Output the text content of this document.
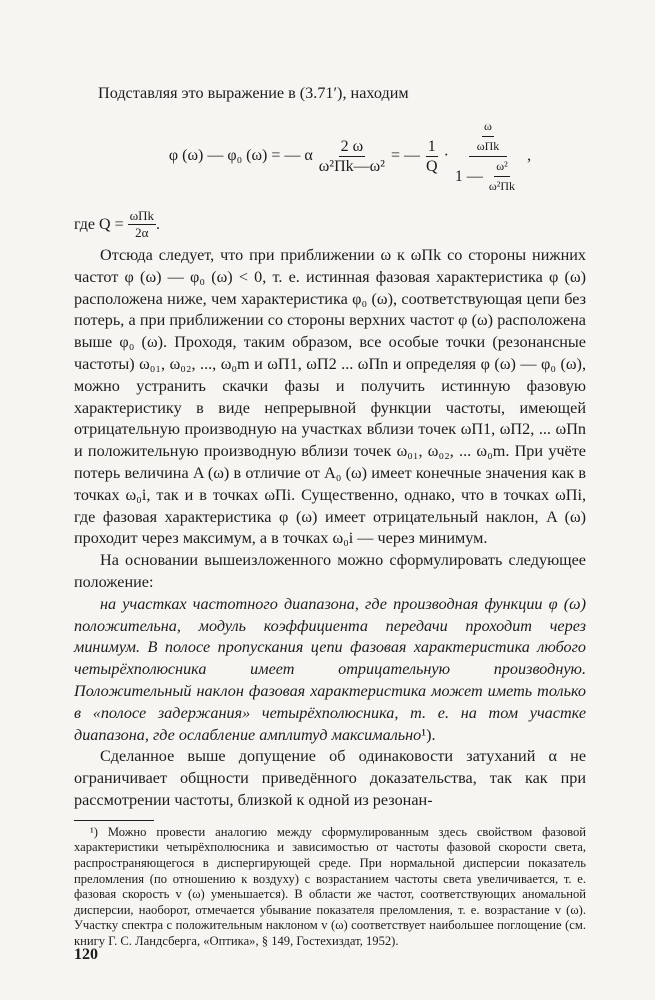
Подставляя это выражение в (3.71′), находим

φ (ω) — φ₀ (ω) = — α $\frac{2 \omega}{\text{ω²Пk—ω²}}$ = — $\frac{1}{Q} \cdot \frac{\frac{\omega}{\text{ωПk}}}{1 — \frac{\text{ω²}}{\text{ω²Пk}}}$ ,
где $Q = \frac{\text{ωПk}}{2\alpha}$ .

Отсюда следует, что при приближении ω к ωПk со стороны нижних частот φ (ω) — φ₀ (ω) < 0, т. е. истинная фазовая характеристика φ (ω) расположена ниже, чем характеристика φ₀ (ω), соответствующая цепи без потерь, а при приближении со стороны верхних частот φ (ω) расположена выше φ₀ (ω). Проходя, таким образом, все особые точки (резонансные частоты) ω₀₁, ω₀₂, ..., ω₀m и ωП1, ωП2 ... ωПn и определяя φ (ω) — φ₀ (ω), можно устранить скачки фазы и получить истинную фазовую характеристику в виде непрерывной функции частоты, имеющей отрицательную производную на участках вблизи точек ωП1, ωП2, ... ωПn и положительную производную вблизи точек ω₀₁, ω₀₂, ... ω₀m. При учёте потерь величина A (ω) в отличие от A₀ (ω) имеет конечные значения как в точках ω₀i, так и в точках ωПi. Существенно, однако, что в точках ωПi, где фазовая характеристика φ (ω) имеет отрицательный наклон, A (ω) проходит через максимум, а в точках ω₀i — через минимум.

На основании вышеизложенного можно сформулировать следующее положение:

на участках частотного диапазона, где производная функции φ (ω) положительна, модуль коэффициента передачи проходит через минимум. В полосе пропускания цепи фазовая характеристика любого четырёхполюсника имеет отрицательную производную. Положительный наклон фазовая характеристика может иметь только в «полосе задержания» четырёхполюсника, т. е. на том участке диапазона, где ослабление амплитуд максимально¹).

Сделанное выше допущение об одинаковости затуханий α не ограничивает общности приведённого доказательства, так как при рассмотрении частоты, близкой к одной из резонан-

¹) Можно провести аналогию между сформулированным здесь свойством фазовой характеристики четырёхполюсника и зависимостью от частоты фазовой скорости света, распространяющегося в диспергирующей среде. При нормальной дисперсии показатель преломления (по отношению к воздуху) с возрастанием частоты света увеличивается, т. е. фазовая скорость v (ω) уменьшается). В области же частот, соответствующих аномальной дисперсии, наоборот, отмечается убывание показателя преломления, т. е. возрастание v (ω). Участку спектра с положительным наклоном v (ω) соответствует наибольшее поглощение (см. книгу Г. С. Ландсберга, «Оптика», § 149, Гостехиздат, 1952).

120
